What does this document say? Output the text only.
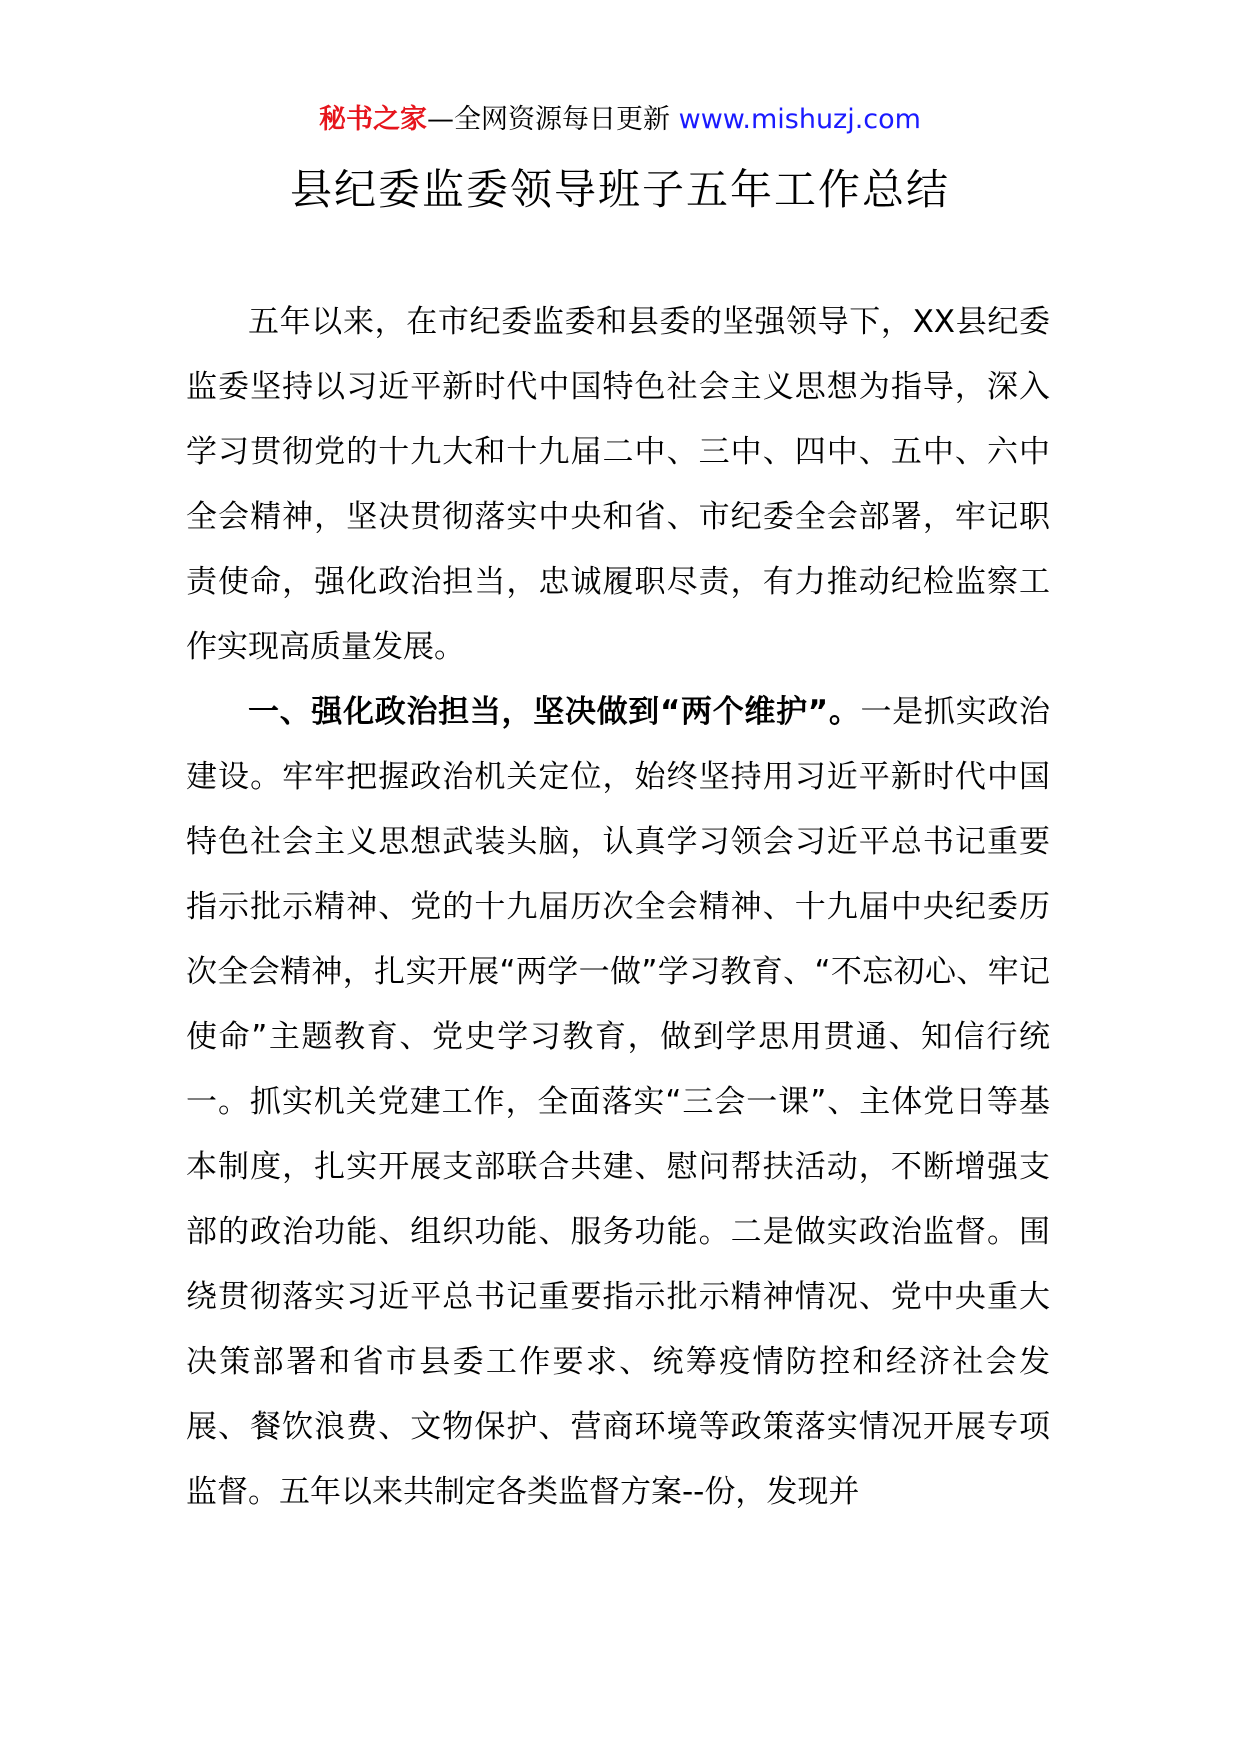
秘书之家—全网资源每日更新 www.mishuzj.com
县纪委监委领导班子五年工作总结

五年以来，在市纪委监委和县委的坚强领导下，XX县纪委监委坚持以习近平新时代中国特色社会主义思想为指导，深入学习贯彻党的十九大和十九届二中、三中、四中、五中、六中全会精神，坚决贯彻落实中央和省、市纪委全会部署，牢记职责使命，强化政治担当，忠诚履职尽责，有力推动纪检监察工作实现高质量发展。

一、强化政治担当，坚决做到“两个维护”。一是抓实政治建设。牢牢把握政治机关定位，始终坚持用习近平新时代中国特色社会主义思想武装头脑，认真学习领会习近平总书记重要指示批示精神、党的十九届历次全会精神、十九届中央纪委历次全会精神，扎实开展“两学一做”学习教育、“不忘初心、牢记使命”主题教育、党史学习教育，做到学思用贯通、知信行统一。抓实机关党建工作，全面落实“三会一课”、主体党日等基本制度，扎实开展支部联合共建、慰问帮扶活动，不断增强支部的政治功能、组织功能、服务功能。二是做实政治监督。围绕贯彻落实习近平总书记重要指示批示精神情况、党中央重大决策部署和省市县委工作要求、统筹疫情防控和经济社会发展、餐饮浪费、文物保护、营商环境等政策落实情况开展专项监督。五年以来共制定各类监督方案--份，发现并
